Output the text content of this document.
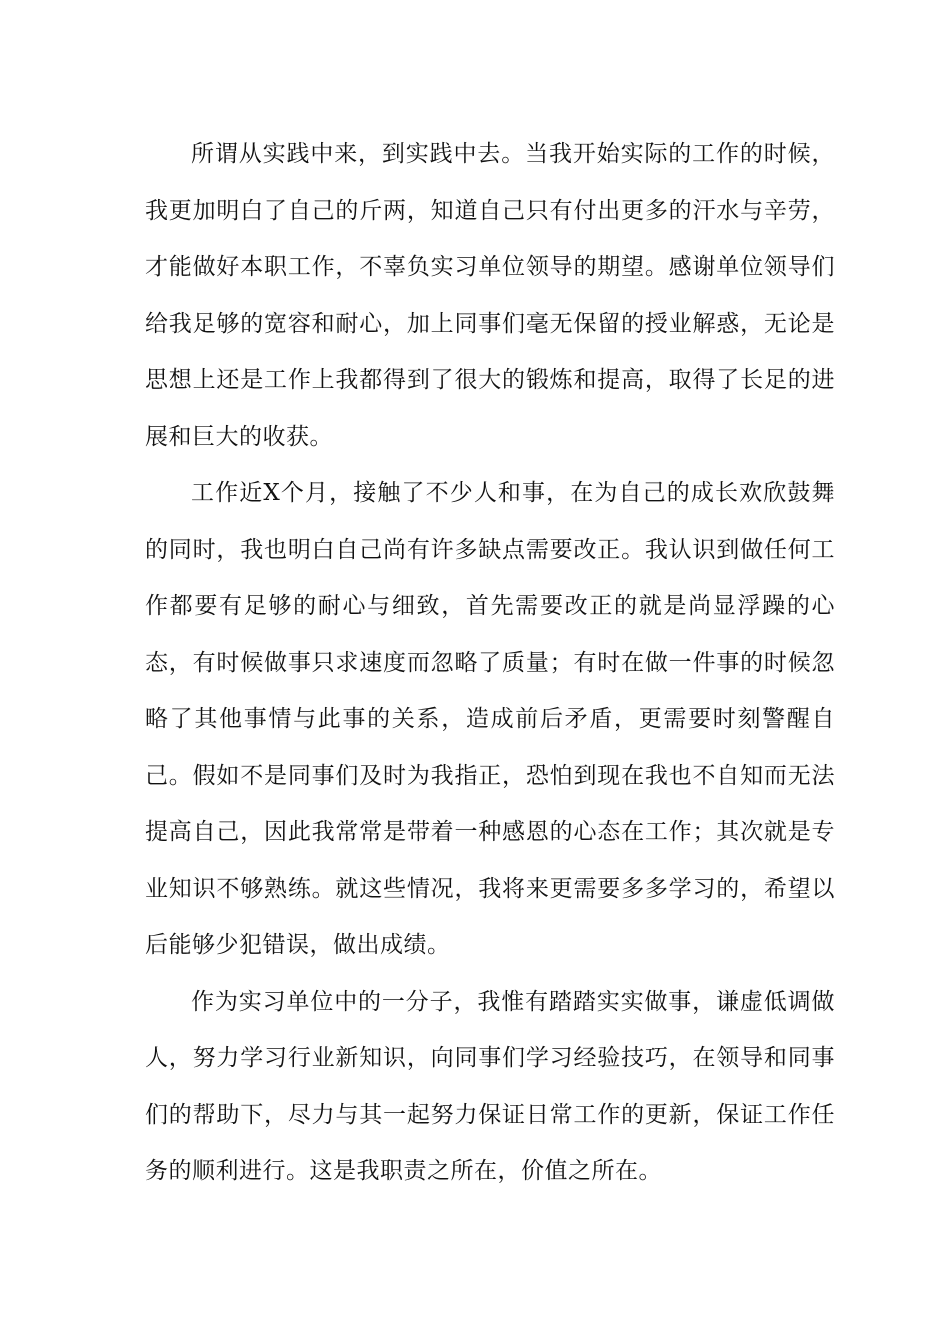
所谓从实践中来，到实践中去。当我开始实际的工作的时候，我更加明白了自己的斤两，知道自己只有付出更多的汗水与辛劳，才能做好本职工作，不辜负实习单位领导的期望。感谢单位领导们给我足够的宽容和耐心，加上同事们毫无保留的授业解惑，无论是思想上还是工作上我都得到了很大的锻炼和提高，取得了长足的进展和巨大的收获。

工作近X个月，接触了不少人和事，在为自己的成长欢欣鼓舞的同时，我也明白自己尚有许多缺点需要改正。我认识到做任何工作都要有足够的耐心与细致，首先需要改正的就是尚显浮躁的心态，有时候做事只求速度而忽略了质量；有时在做一件事的时候忽略了其他事情与此事的关系，造成前后矛盾，更需要时刻警醒自己。假如不是同事们及时为我指正，恐怕到现在我也不自知而无法提高自己，因此我常常是带着一种感恩的心态在工作；其次就是专业知识不够熟练。就这些情况，我将来更需要多多学习的，希望以后能够少犯错误，做出成绩。

作为实习单位中的一分子，我惟有踏踏实实做事，谦虚低调做人，努力学习行业新知识，向同事们学习经验技巧，在领导和同事们的帮助下，尽力与其一起努力保证日常工作的更新，保证工作任务的顺利进行。这是我职责之所在，价值之所在。
